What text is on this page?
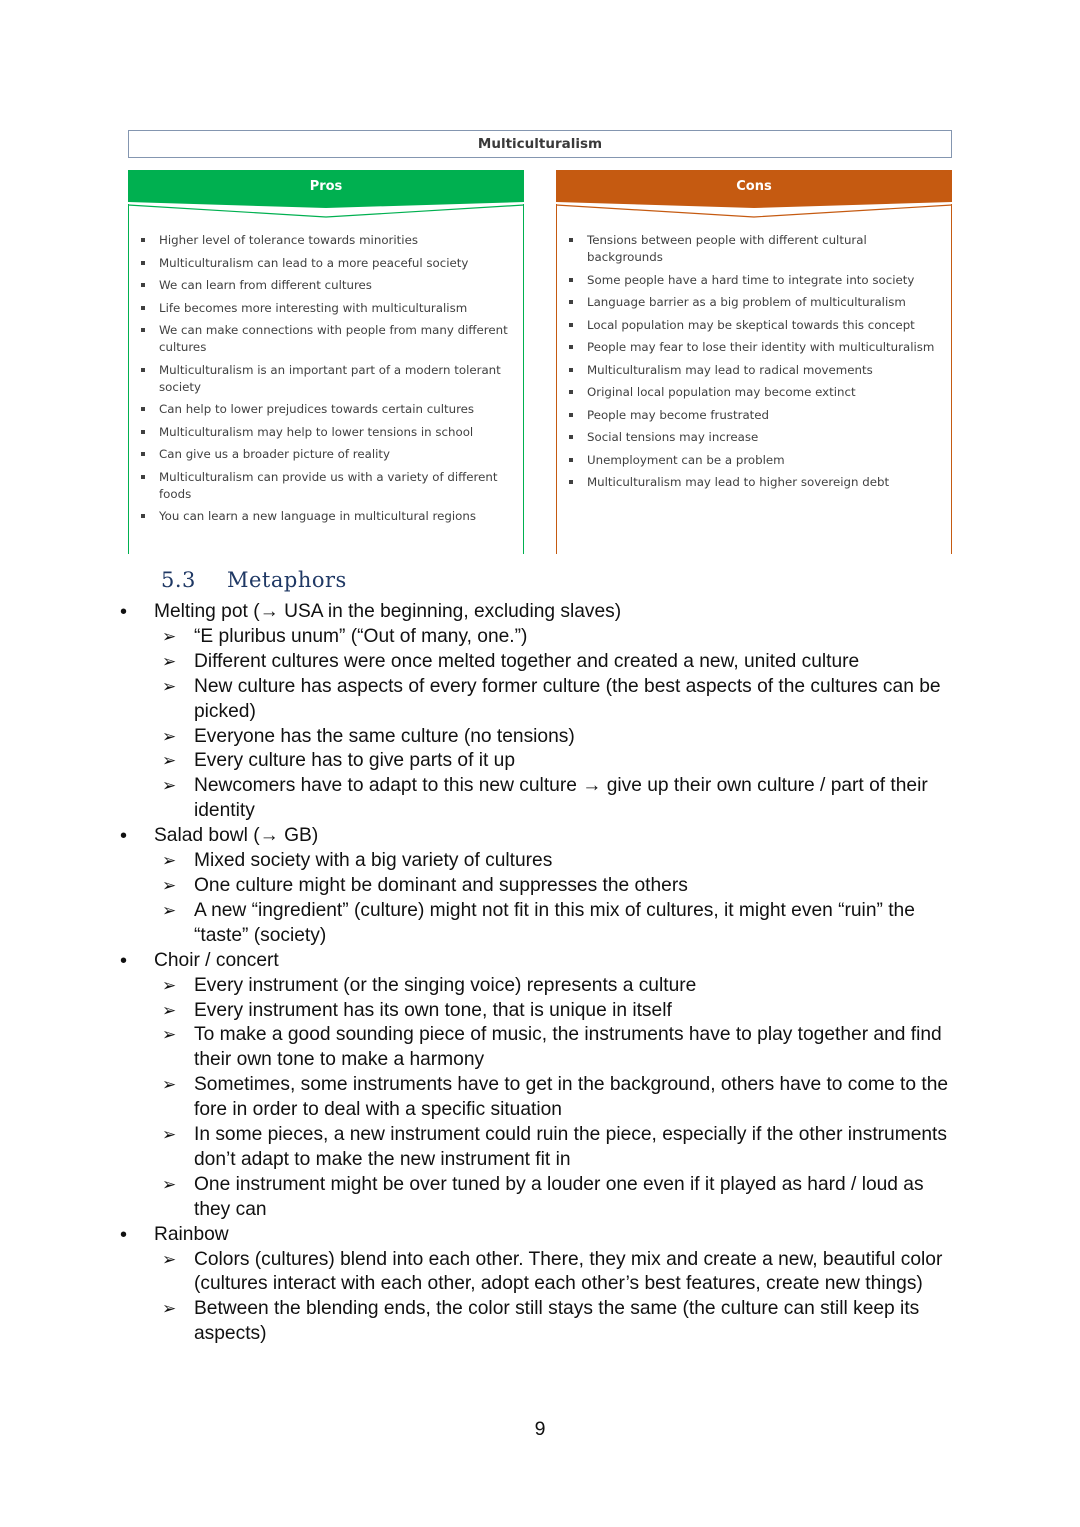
Multiculturalism
Pros
Higher level of tolerance towards minorities
Multiculturalism can lead to a more peaceful society
We can learn from different cultures
Life becomes more interesting with multiculturalism
We can make connections with people from many different cultures
Multiculturalism is an important part of a modern tolerant society
Can help to lower prejudices towards certain cultures
Multiculturalism may help to lower tensions in school
Can give us a broader picture of reality
Multiculturalism can provide us with a variety of different foods
You can learn a new language in multicultural regions
Cons
Tensions between people with different cultural backgrounds
Some people have a hard time to integrate into society
Language barrier as a big problem of multiculturalism
Local population may be skeptical towards this concept
People may fear to lose their identity with multiculturalism
Multiculturalism may lead to radical movements
Original local population may become extinct
People may become frustrated
Social tensions may increase
Unemployment can be a problem
Multiculturalism may lead to higher sovereign debt
5.3 Metaphors
• Melting pot (→ USA in the beginning, excluding slaves)
➢ “E pluribus unum” (“Out of many, one.”)
➢ Different cultures were once melted together and created a new, united culture
➢ New culture has aspects of every former culture (the best aspects of the cultures can be picked)
➢ Everyone has the same culture (no tensions)
➢ Every culture has to give parts of it up
➢ Newcomers have to adapt to this new culture → give up their own culture / part of their identity
• Salad bowl (→ GB)
➢ Mixed society with a big variety of cultures
➢ One culture might be dominant and suppresses the others
➢ A new “ingredient” (culture) might not fit in this mix of cultures, it might even “ruin” the “taste” (society)
• Choir / concert
➢ Every instrument (or the singing voice) represents a culture
➢ Every instrument has its own tone, that is unique in itself
➢ To make a good sounding piece of music, the instruments have to play together and find their own tone to make a harmony
➢ Sometimes, some instruments have to get in the background, others have to come to the fore in order to deal with a specific situation
➢ In some pieces, a new instrument could ruin the piece, especially if the other instruments don’t adapt to make the new instrument fit in
➢ One instrument might be over tuned by a louder one even if it played as hard / loud as they can
• Rainbow
➢ Colors (cultures) blend into each other. There, they mix and create a new, beautiful color (cultures interact with each other, adopt each other’s best features, create new things)
➢ Between the blending ends, the color still stays the same (the culture can still keep its aspects)
9
